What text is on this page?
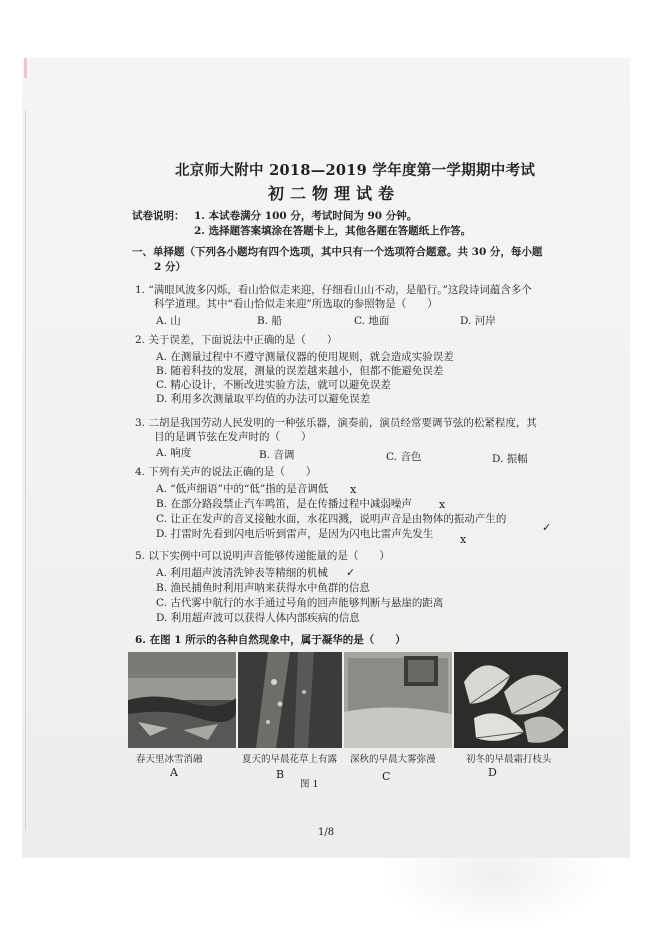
北京师大附中 2018—2019 学年度第一学期期中考试
初二物理试卷
试卷说明： 1. 本试卷满分 100 分，考试时间为 90 分钟。
2. 选择题答案填涂在答题卡上，其他各题在答题纸上作答。
一、单择题（下列各小题均有四个选项，其中只有一个选项符合题意。共 30 分，每小题
2 分）
1. “满眼风波多闪烁，看山恰似走来迎，仔细看山山不动，是船行。”这段诗词蕴含多个
科学道理。其中“看山恰似走来迎”所选取的参照物是（　　）
A. 山	B. 船	C. 地面	D. 河岸
2. 关于误差，下面说法中正确的是（　　）
A. 在测量过程中不遵守测量仪器的使用规则，就会造成实验误差
B. 随着科技的发展，测量的误差越来越小，但都不能避免误差
C. 精心设计，不断改进实验方法，就可以避免误差
D. 利用多次测量取平均值的办法可以避免误差
3. 二胡是我国劳动人民发明的一种弦乐器，演奏前，演员经常要调节弦的松紧程度，其
目的是调节弦在发声时的（　　）
A. 响度	B. 音调	C. 音色	D. 振幅
4. 下列有关声的说法正确的是（　　）
A. “低声细语”中的“低”指的是音调低 x
B. 在部分路段禁止汽车鸣笛，是在传播过程中减弱噪声 x
C. 让正在发声的音叉接触水面，水花四溅，说明声音是由物体的振动产生的
✓
D. 打雷时先看到闪电后听到雷声，是因为闪电比雷声先发生 x
5. 以下实例中可以说明声音能够传递能量的是（　　）
A. 利用超声波清洗钟表等精细的机械 ✓
B. 渔民捕鱼时利用声呐来获得水中鱼群的信息
C. 古代雾中航行的水手通过号角的回声能够判断与悬崖的距离
D. 利用超声波可以获得人体内部疾病的信息
6. 在图 1 所示的各种自然现象中，属于凝华的是（　　）
春天里冰雪消融	夏天的早晨花草上有露 深秋的早晨大雾弥漫	初冬的早晨霜打枝头
A	B	C	D
图 1
1/8
